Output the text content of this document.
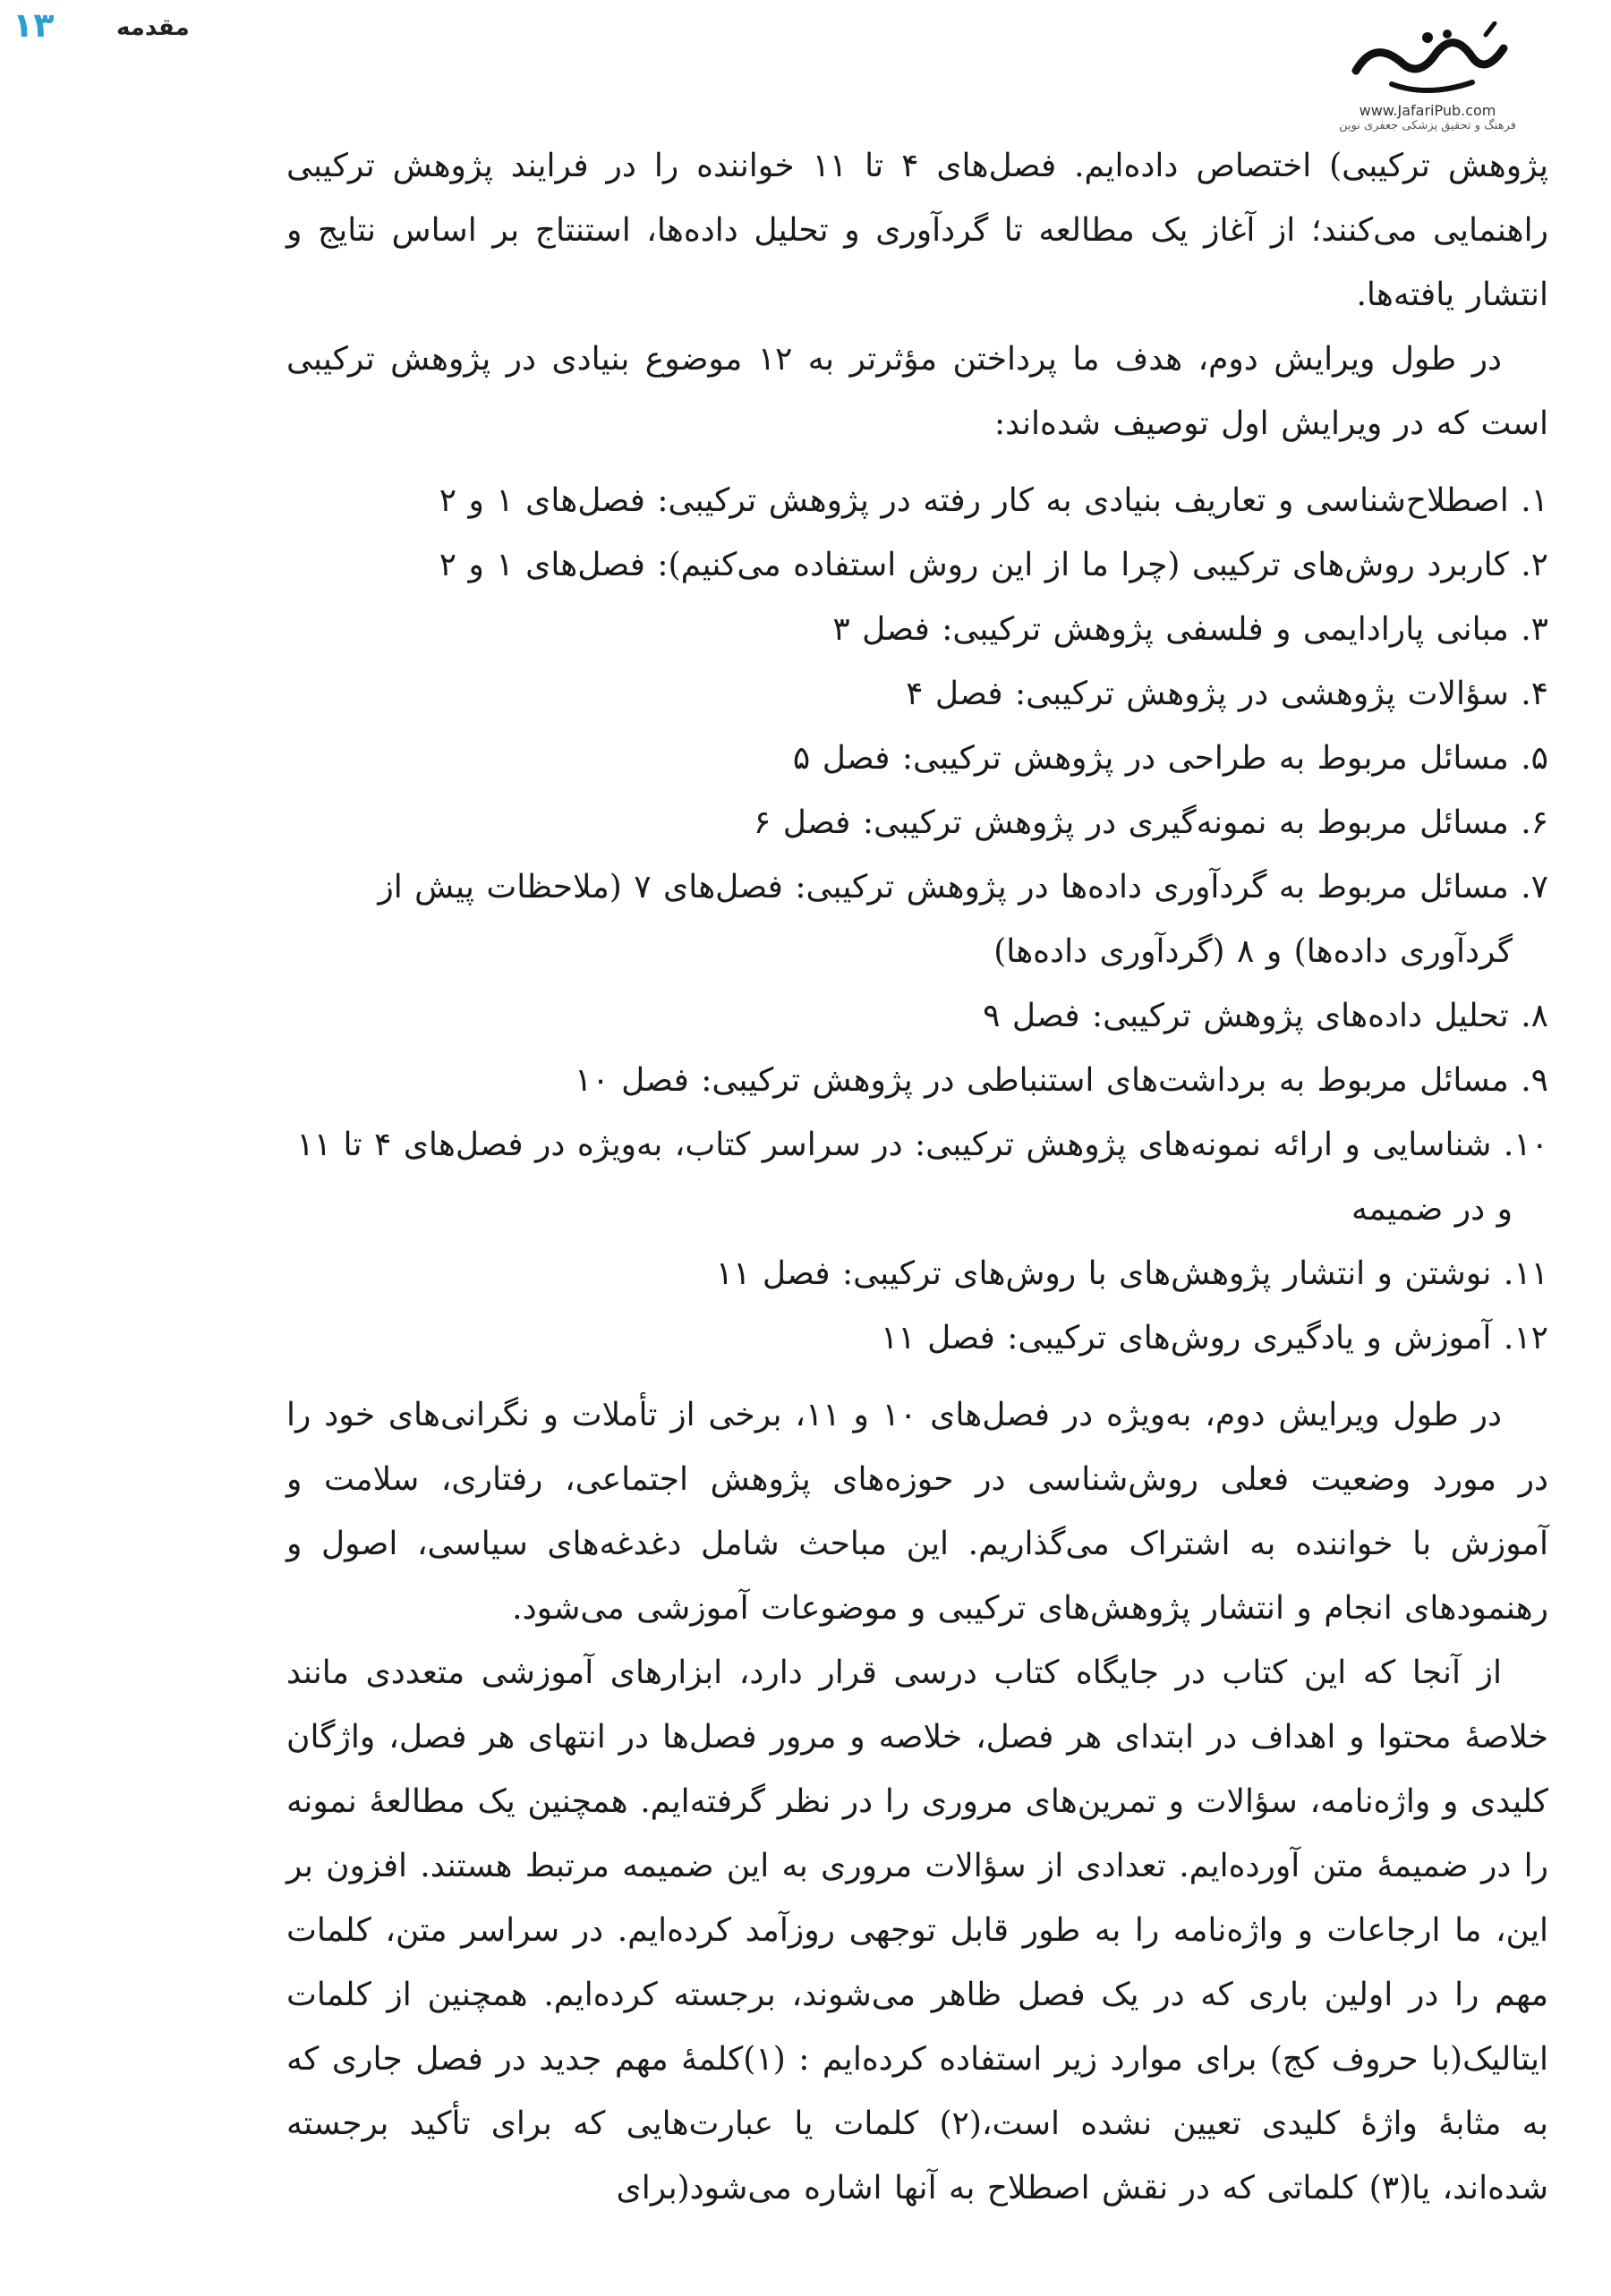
۱۳	مقدمه
www.JafariPub.com
فرهنگ و تحقیق پزشکی جعفری نوین

پژوهش ترکیبی) اختصاص داده‌ایم. فصل‌های ۴ تا ۱۱ خواننده را در فرایند پژوهش ترکیبی راهنمایی می‌کنند؛ از آغاز یک مطالعه تا گردآوری و تحلیل داده‌ها، استنتاج بر اساس نتایج و انتشار یافته‌ها.

در طول ویرایش دوم، هدف ما پرداختن مؤثرتر به ۱۲ موضوع بنیادی در پژوهش ترکیبی است که در ویرایش اول توصیف شده‌اند:

۱. اصطلاح‌شناسی و تعاریف بنیادی به کار رفته در پژوهش ترکیبی: فصل‌های ۱ و ۲
۲. کاربرد روش‌های ترکیبی (چرا ما از این روش استفاده می‌کنیم): فصل‌های ۱ و ۲
۳. مبانی پارادایمی و فلسفی پژوهش ترکیبی: فصل ۳
۴. سؤالات پژوهشی در پژوهش ترکیبی: فصل ۴
۵. مسائل مربوط به طراحی در پژوهش ترکیبی: فصل ۵
۶. مسائل مربوط به نمونه‌گیری در پژوهش ترکیبی: فصل ۶
۷. مسائل مربوط به گردآوری داده‌ها در پژوهش ترکیبی: فصل‌های ۷ (ملاحظات پیش از گردآوری داده‌ها) و ۸ (گردآوری داده‌ها)
۸. تحلیل داده‌های پژوهش ترکیبی: فصل ۹
۹. مسائل مربوط به برداشت‌های استنباطی در پژوهش ترکیبی: فصل ۱۰
۱۰. شناسایی و ارائه نمونه‌های پژوهش ترکیبی: در سراسر کتاب، به‌ویژه در فصل‌های ۴ تا ۱۱ و در ضمیمه
۱۱. نوشتن و انتشار پژوهش‌های با روش‌های ترکیبی: فصل ۱۱
۱۲. آموزش و یادگیری روش‌های ترکیبی: فصل ۱۱

در طول ویرایش دوم، به‌ویژه در فصل‌های ۱۰ و ۱۱، برخی از تأملات و نگرانی‌های خود را در مورد وضعیت فعلی روش‌شناسی در حوزه‌های پژوهش اجتماعی، رفتاری، سلامت و آموزش با خواننده به اشتراک می‌گذاریم. این مباحث شامل دغدغه‌های سیاسی، اصول و رهنمودهای انجام و انتشار پژوهش‌های ترکیبی و موضوعات آموزشی می‌شود.

از آنجا که این کتاب در جایگاه کتاب درسی قرار دارد، ابزارهای آموزشی متعددی مانند خلاصهٔ محتوا و اهداف در ابتدای هر فصل، خلاصه و مرور فصل‌ها در انتهای هر فصل، واژگان کلیدی و واژه‌نامه، سؤالات و تمرین‌های مروری را در نظر گرفته‌ایم. همچنین یک مطالعهٔ نمونه را در ضمیمهٔ متن آورده‌ایم. تعدادی از سؤالات مروری به این ضمیمه مرتبط هستند. افزون بر این، ما ارجاعات و واژه‌نامه را به طور قابل توجهی روزآمد کرده‌ایم. در سراسر متن، کلمات مهم را در اولین باری که در یک فصل ظاهر می‌شوند، برجسته کرده‌ایم. همچنین از کلمات ایتالیک(با حروف کج) برای موارد زیر استفاده کرده‌ایم : (۱)کلمهٔ مهم جدید در فصل جاری که به مثابهٔ واژهٔ کلیدی تعیین نشده است،(۲) کلمات یا عبارت‌هایی که برای تأکید برجسته شده‌اند، یا(۳) کلماتی که در نقش اصطلاح به آنها اشاره می‌شود(برای
